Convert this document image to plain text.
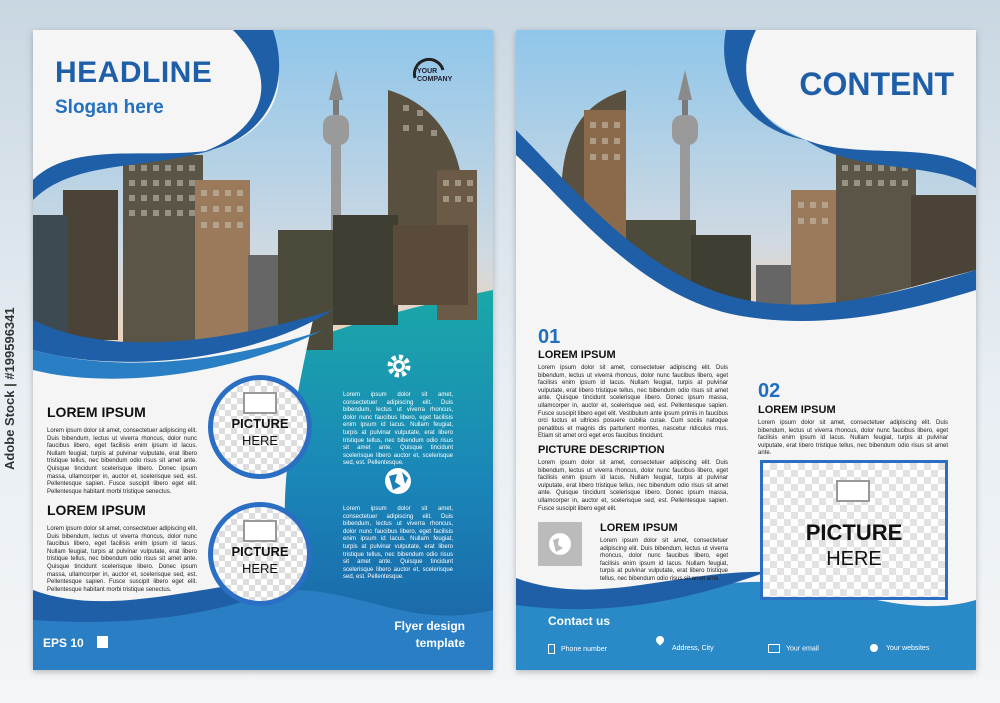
HEADLINE
Slogan here
YOUR COMPANY
LOREM IPSUM
Lorem ipsum dolor sit amet, consectetuer adipiscing elit. Duis bibendum, lectus ut viverra rhoncus, dolor nunc faucibus libero, eget facilisis enim ipsum id lacus. Nullam feugiat, turpis at pulvinar vulputate, erat libero tristique tellus, nec bibendum odio risus sit amet ante. Quisque tincidunt scelerisque libero. Donec ipsum massa, ullamcorper in, auctor et, scelerisque sed, est. Pellentesque sapien. Fusce suscipit libero eget elit. Pellentesque habitant morbi tristique senectus.
LOREM IPSUM
Lorem ipsum dolor sit amet, consectetuer adipiscing elit. Duis bibendum, lectus ut viverra rhoncus, dolor nunc faucibus libero, eget facilisis enim ipsum id lacus. Nullam feugiat, turpis at pulvinar vulputate, erat libero tristique tellus, nec bibendum odio risus sit amet ante. Quisque tincidunt scelerisque libero. Donec ipsum massa, ullamcorper in, auctor et, scelerisque sed, est. Pellentesque sapien. Fusce suscipit libero eget elit. Pellentesque habitant morbi tristique senectus.
PICTURE
HERE
PICTURE
HERE
Lorem ipsum dolor sit amet, consectetuer adipiscing elit. Duis bibendum, lectus ut viverra rhoncus, dolor nunc faucibus libero, eget facilisis enim ipsum id lacus. Nullam feugiat, turpis at pulvinar vulputate, erat libero tristique tellus, nec bibendum odio risus sit amet ante. Quisque tincidunt scelerisque libero auctor et, scelerisque sed, est. Pellentesque.
Lorem ipsum dolor sit amet, consectetuer adipiscing elit. Duis bibendum, lectus ut viverra rhoncus, dolor nunc faucibus libero, eget facilisis enim ipsum id lacus. Nullam feugiat, turpis at pulvinar vulputate, erat libero tristique tellus, nec bibendum odio risus sit amet ante. Quisque tincidunt scelerisque libero auctor et, scelerisque sed, est. Pellentesque.
Flyer design
template
EPS 10
CONTENT
01
LOREM IPSUM
Lorem ipsum dolor sit amet, consectetuer adipiscing elit. Duis bibendum, lectus ut viverra rhoncus, dolor nunc faucibus libero, eget facilisis enim ipsum id lacus. Nullam feugiat, turpis at pulvinar vulputate, erat libero tristique tellus, nec bibendum odio risus sit amet ante. Quisque tincidunt scelerisque libero. Donec ipsum massa, ullamcorper in, auctor et, scelerisque sed, est. Pellentesque sapien. Fusce suscipit libero eget elit. Vestibulum ante ipsum primis in faucibus orci luctus et ultrices posuere cubilia curae. Cum sociis natoque penatibus et magnis dis parturient montes, nascetur ridiculus mus. Etiam sit amet orci eget eros faucibus tincidunt.
PICTURE DESCRIPTION
Lorem ipsum dolor sit amet, consectetuer adipiscing elit. Duis bibendum, lectus ut viverra rhoncus, dolor nunc faucibus libero, eget facilisis enim ipsum id lacus. Nullam feugiat, turpis at pulvinar vulputate, erat libero tristique tellus, nec bibendum odio risus sit amet ante. Quisque tincidunt scelerisque libero. Donec ipsum massa, ullamcorper in, auctor et, scelerisque sed, est. Pellentesque sapien. Fusce suscipit libero eget elit.
LOREM IPSUM
Lorem ipsum dolor sit amet, consectetuer adipiscing elit. Duis bibendum, lectus ut viverra rhoncus, dolor nunc faucibus libero, eget facilisis enim ipsum id lacus. Nullam feugiat, turpis at pulvinar vulputate, erat libero tristique tellus, nec bibendum odio risus sit amet ante.
02
LOREM IPSUM
Lorem ipsum dolor sit amet, consectetuer adipiscing elit. Duis bibendum, lectus ut viverra rhoncus, dolor nunc faucibus libero, eget facilisis enim ipsum id lacus. Nullam feugiat, turpis at pulvinar vulputate, erat libero tristique tellus, nec bibendum odio risus sit amet ante.
PICTURE
HERE
Contact us
Phone number	Address, City	Your email	Your websites
Adobe Stock | #199596341
